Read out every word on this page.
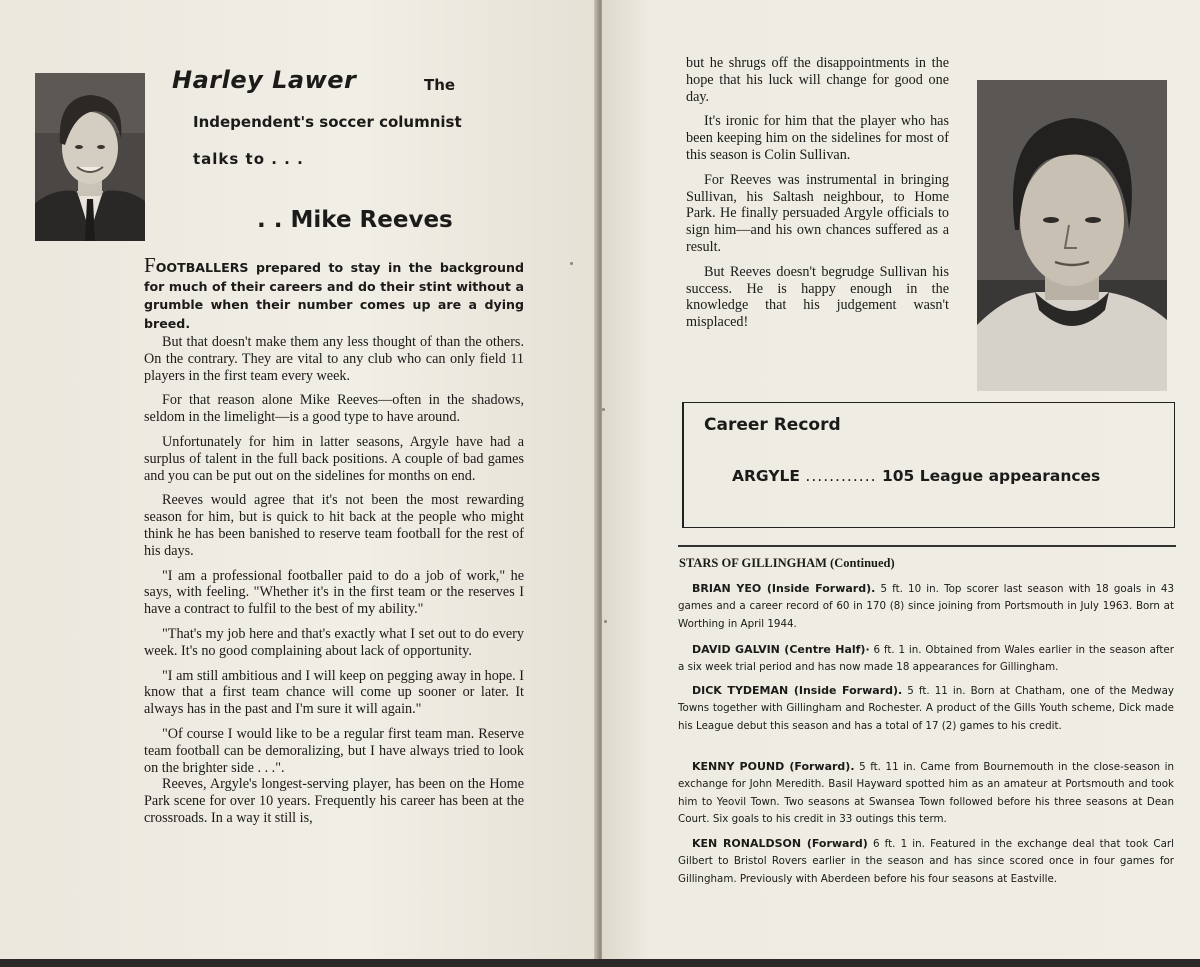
Harley Lawer	The
Independent's soccer columnist
talks to . . .
. . Mike Reeves
FOOTBALLERS prepared to stay in the background for much of their careers and do their stint without a grumble when their number comes up are a dying breed.

But that doesn't make them any less thought of than the others. On the contrary. They are vital to any club who can only field 11 players in the first team every week.

For that reason alone Mike Reeves—often in the shadows, seldom in the limelight—is a good type to have around.

Unfortunately for him in latter seasons, Argyle have had a surplus of talent in the full back positions. A couple of bad games and you can be put out on the sidelines for months on end.

Reeves would agree that it's not been the most rewarding season for him, but is quick to hit back at the people who might think he has been banished to reserve team football for the rest of his days.

"I am a professional footballer paid to do a job of work," he says, with feeling. "Whether it's in the first team or the reserves I have a contract to fulfil to the best of my ability."

"That's my job here and that's exactly what I set out to do every week. It's no good complaining about lack of opportunity.

"I am still ambitious and I will keep on pegging away in hope. I know that a first team chance will come up sooner or later. It always has in the past and I'm sure it will again."

"Of course I would like to be a regular first team man. Reserve team football can be demoralizing, but I have always tried to look on the brighter side . . .".

Reeves, Argyle's longest-serving player, has been on the Home Park scene for over 10 years. Frequently his career has been at the crossroads. In a way it still is,

but he shrugs off the disappointments in the hope that his luck will change for good one day.

It's ironic for him that the player who has been keeping him on the sidelines for most of this season is Colin Sullivan.

For Reeves was instrumental in bringing Sullivan, his Saltash neighbour, to Home Park. He finally persuaded Argyle officials to sign him—and his own chances suffered as a result.

But Reeves doesn't begrudge Sullivan his success. He is happy enough in the knowledge that his judgement wasn't misplaced!

Career Record
ARGYLE ............ 105 League appearances
STARS OF GILLINGHAM (Continued)

BRIAN YEO (Inside Forward). 5 ft. 10 in. Top scorer last season with 18 goals in 43 games and a career record of 60 in 170 (8) since joining from Portsmouth in July 1963. Born at Worthing in April 1944.

DAVID GALVIN (Centre Half)· 6 ft. 1 in. Obtained from Wales earlier in the season after a six week trial period and has now made 18 appearances for Gillingham.

DICK TYDEMAN (Inside Forward). 5 ft. 11 in. Born at Chatham, one of the Medway Towns together with Gillingham and Rochester. A product of the Gills Youth scheme, Dick made his League debut this season and has a total of 17 (2) games to his credit.

KENNY POUND (Forward). 5 ft. 11 in. Came from Bournemouth in the close-season in exchange for John Meredith. Basil Hayward spotted him as an amateur at Portsmouth and took him to Yeovil Town. Two seasons at Swansea Town followed before his three seasons at Dean Court. Six goals to his credit in 33 outings this term.

KEN RONALDSON (Forward) 6 ft. 1 in. Featured in the exchange deal that took Carl Gilbert to Bristol Rovers earlier in the season and has since scored once in four games for Gillingham. Previously with Aberdeen before his four seasons at Eastville.
